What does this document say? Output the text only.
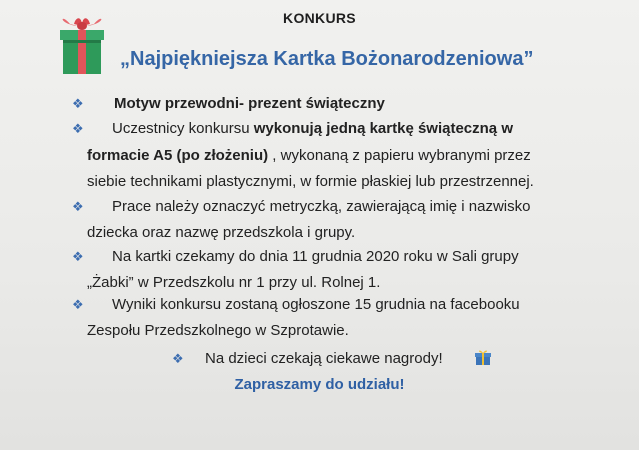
KONKURS
„Najpiękniejsza Kartka Bożonarodzeniowa”
❖ Motyw przewodni- prezent świąteczny
❖ Uczestnicy konkursu wykonują jedną kartkę świąteczną w
formacie A5 (po złożeniu) , wykonaną z papieru wybranymi przez
siebie technikami plastycznymi, w formie płaskiej lub przestrzennej.
❖ Prace należy oznaczyć metryczką, zawierającą imię i nazwisko
dziecka oraz nazwę przedszkola i grupy.
❖ Na kartki czekamy do dnia 11 grudnia 2020 roku w Sali grupy
„Żabki” w Przedszkolu nr 1 przy ul. Rolnej 1.
❖ Wyniki konkursu zostaną ogłoszone 15 grudnia na facebooku
Zespołu Przedszkolnego w Szprotawie.
❖ Na dzieci czekają ciekawe nagrody!
Zapraszamy do udziału!
